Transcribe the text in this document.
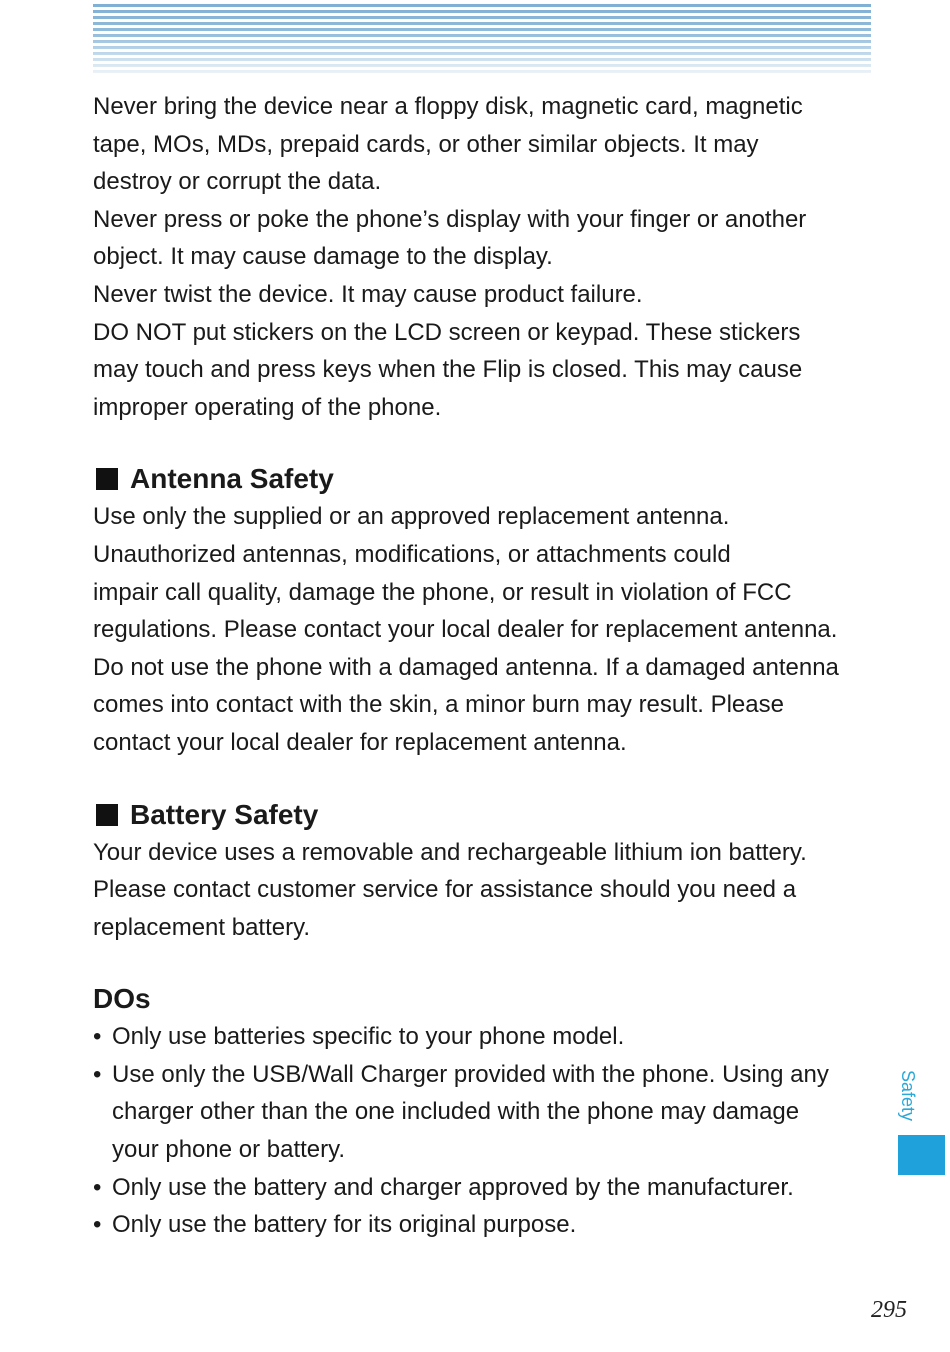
Never bring the device near a floppy disk, magnetic card, magnetic

tape, MOs, MDs, prepaid cards, or other similar objects. It may

destroy or corrupt the data.

Never press or poke the phone’s display with your finger or another

object. It may cause damage to the display.

Never twist the device. It may cause product failure.

DO NOT put stickers on the LCD screen or keypad. These stickers

may touch and press keys when the Flip is closed. This may cause

improper operating of the phone.

Antenna Safety

Use only the supplied or an approved replacement antenna.

Unauthorized antennas, modifications, or attachments could

impair call quality, damage the phone, or result in violation of FCC

regulations. Please contact your local dealer for replacement antenna.

Do not use the phone with a damaged antenna. If a damaged antenna

comes into contact with the skin, a minor burn may result. Please

contact your local dealer for replacement antenna.

Battery Safety

Your device uses a removable and rechargeable lithium ion battery.

Please contact customer service for assistance should you need a

replacement battery.

DOs
• Only use batteries specific to your phone model.
• Use only the USB/Wall Charger provided with the phone. Using any
charger other than the one included with the phone may damage
your phone or battery.
• Only use the battery and charger approved by the manufacturer.
• Only use the battery for its original purpose.
Safety
295
